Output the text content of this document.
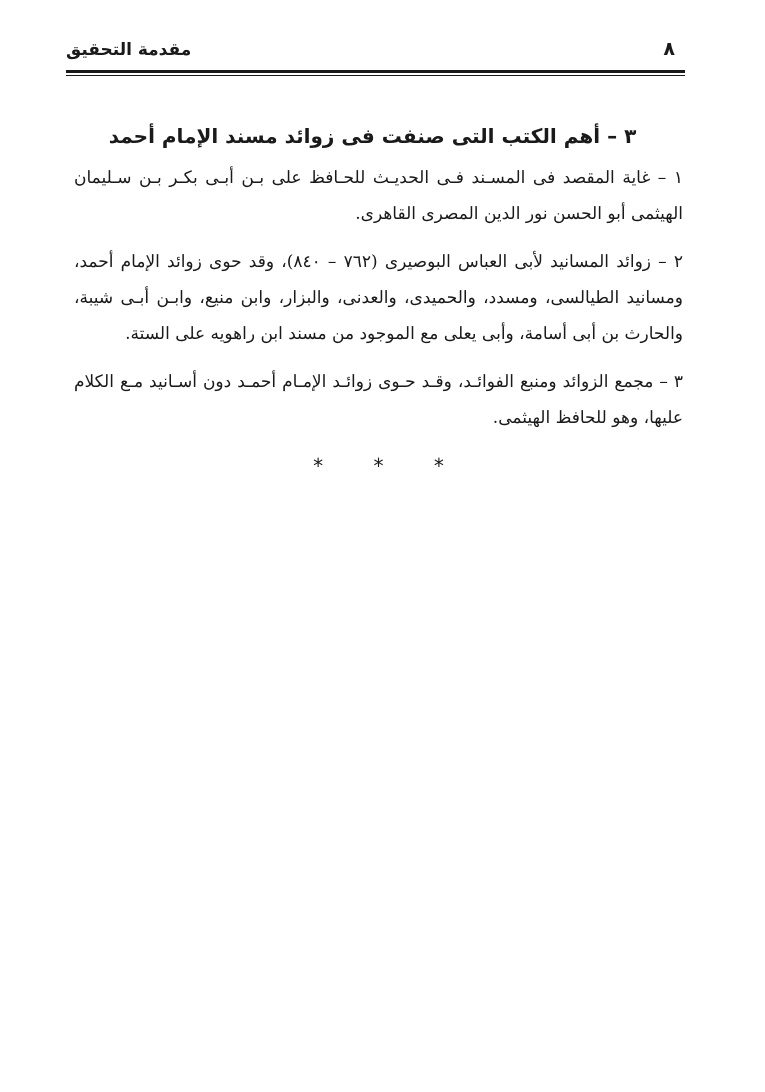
٨
مقدمة التحقيق
٣ – أهم الكتب التى صنفت فى زوائد مسند الإمام أحمد

١ – غاية المقصد فى المسـند فـى الحديـث للحـافظ على بـن أبـى بكـر بـن سـليمان الهيثمى أبو الحسن نور الدين المصرى القاهرى.

٢ – زوائد المسانيد لأبى العباس البوصيرى (٧٦٢ – ٨٤٠)، وقد حوى زوائد الإمام أحمد، ومسانيد الطيالسى، ومسدد، والحميدى، والعدنى، والبزار، وابن منيع، وابـن أبـى شيبة، والحارث بن أبى أسامة، وأبى يعلى مع الموجود من مسند ابن راهويه على الستة.

٣ – مجمع الزوائد ومنبع الفوائـد، وقـد حـوى زوائـد الإمـام أحمـد دون أسـانيد مـع الكلام عليها، وهو للحافظ الهيثمى.

* * *
